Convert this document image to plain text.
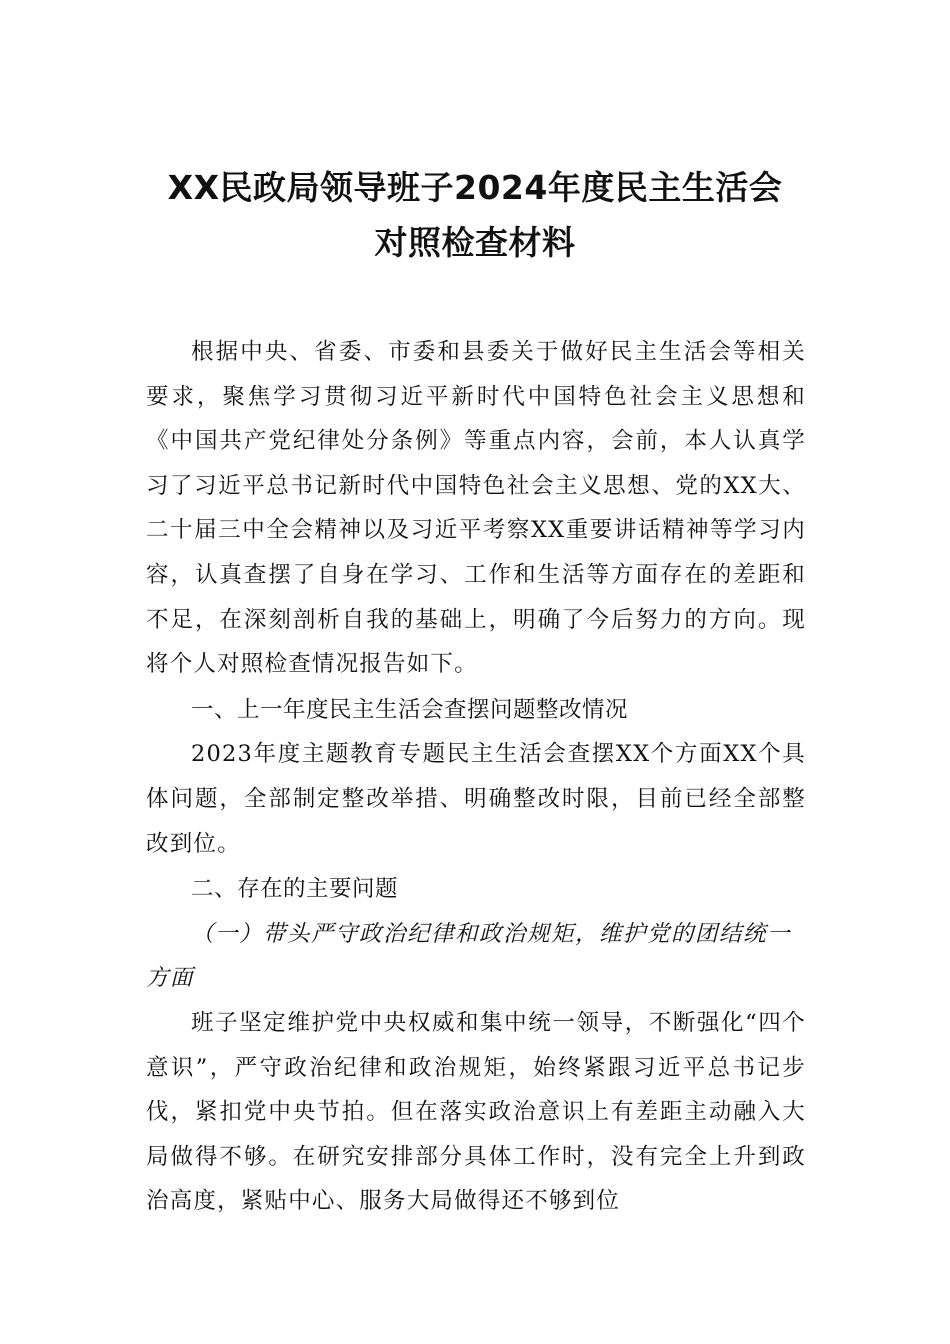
XX民政局领导班子2024年度民主生活会
对照检查材料

根据中央、省委、市委和县委关于做好民主生活会等相关要求，聚焦学习贯彻习近平新时代中国特色社会主义思想和《中国共产党纪律处分条例》等重点内容，会前，本人认真学习了习近平总书记新时代中国特色社会主义思想、党的XX大、二十届三中全会精神以及习近平考察XX重要讲话精神等学习内容，认真查摆了自身在学习、工作和生活等方面存在的差距和不足，在深刻剖析自我的基础上，明确了今后努力的方向。现将个人对照检查情况报告如下。

一、上一年度民主生活会查摆问题整改情况

2023年度主题教育专题民主生活会查摆XX个方面XX个具体问题，全部制定整改举措、明确整改时限，目前已经全部整改到位。

二、存在的主要问题

（一）带头严守政治纪律和政治规矩，维护党的团结统一方面

班子坚定维护党中央权威和集中统一领导，不断强化“四个意识”，严守政治纪律和政治规矩，始终紧跟习近平总书记步伐，紧扣党中央节拍。但在落实政治意识上有差距主动融入大局做得不够。在研究安排部分具体工作时，没有完全上升到政治高度，紧贴中心、服务大局做得还不够到位
